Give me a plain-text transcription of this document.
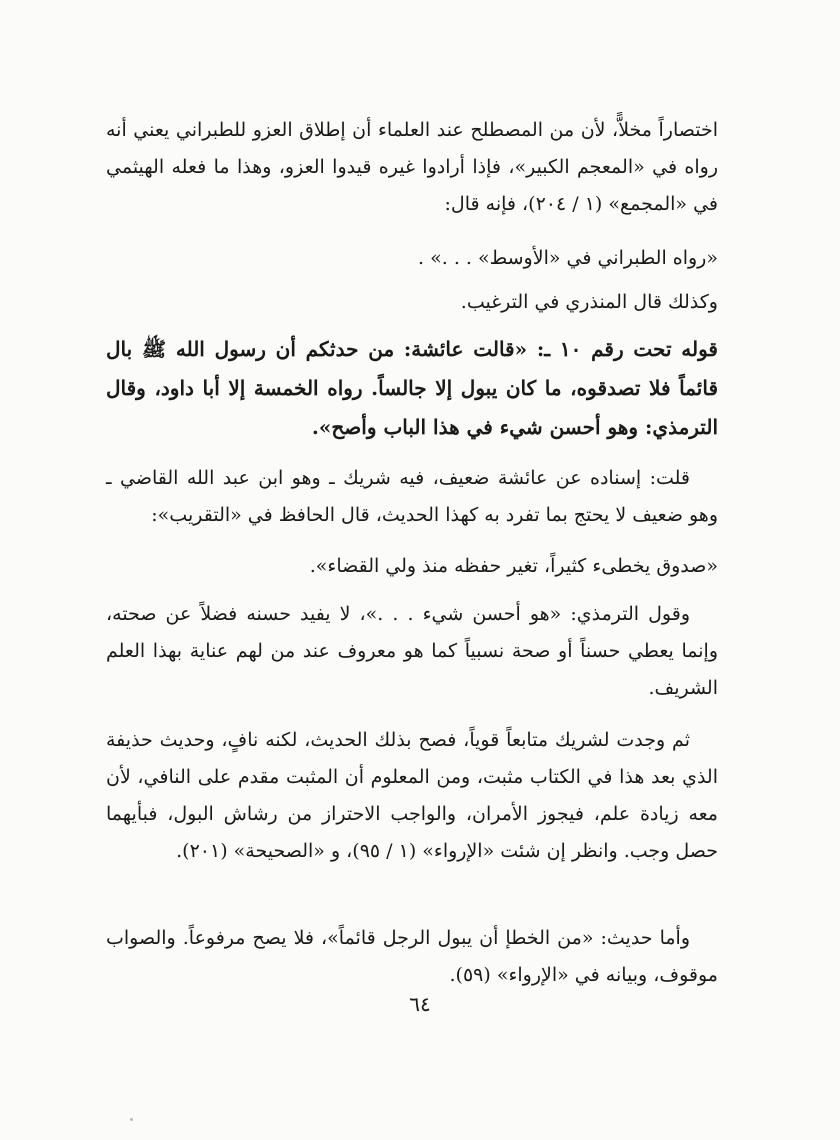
اختصاراً مخلاًّ، لأن من المصطلح عند العلماء أن إطلاق العزو للطبراني يعني أنه رواه في «المعجم الكبير»، فإذا أرادوا غيره قيدوا العزو، وهذا ما فعله الهيثمي في «المجمع» (١ / ٢٠٤)، فإنه قال:
«رواه الطبراني في «الأوسط» . . .» .
وكذلك قال المنذري في الترغيب.
قوله تحت رقم ١٠ ـ: «قالت عائشة: من حدثكم أن رسول الله ﷺ بال قائماً فلا تصدقوه، ما كان يبول إلا جالساً. رواه الخمسة إلا أبا داود، وقال الترمذي: وهو أحسن شيء في هذا الباب وأصح».
قلت: إسناده عن عائشة ضعيف، فيه شريك ـ وهو ابن عبد الله القاضي ـ وهو ضعيف لا يحتج بما تفرد به كهذا الحديث، قال الحافظ في «التقريب»:
«صدوق يخطىء كثيراً، تغير حفظه منذ ولي القضاء».
وقول الترمذي: «هو أحسن شيء . . .»، لا يفيد حسنه فضلاً عن صحته، وإنما يعطي حسناً أو صحة نسبياً كما هو معروف عند من لهم عناية بهذا العلم الشريف.
ثم وجدت لشريك متابعاً قوياً، فصح بذلك الحديث، لكنه نافٍ، وحديث حذيفة الذي بعد هذا في الكتاب مثبت، ومن المعلوم أن المثبت مقدم على النافي، لأن معه زيادة علم، فيجوز الأمران، والواجب الاحتراز من رشاش البول، فبأيهما حصل وجب. وانظر إن شئت «الإرواء» (١ / ٩٥)، و «الصحيحة» (٢٠١).
وأما حديث: «من الخطإ أن يبول الرجل قائماً»، فلا يصح مرفوعاً. والصواب موقوف، وبيانه في «الإرواء» (٥٩).
٦٤
